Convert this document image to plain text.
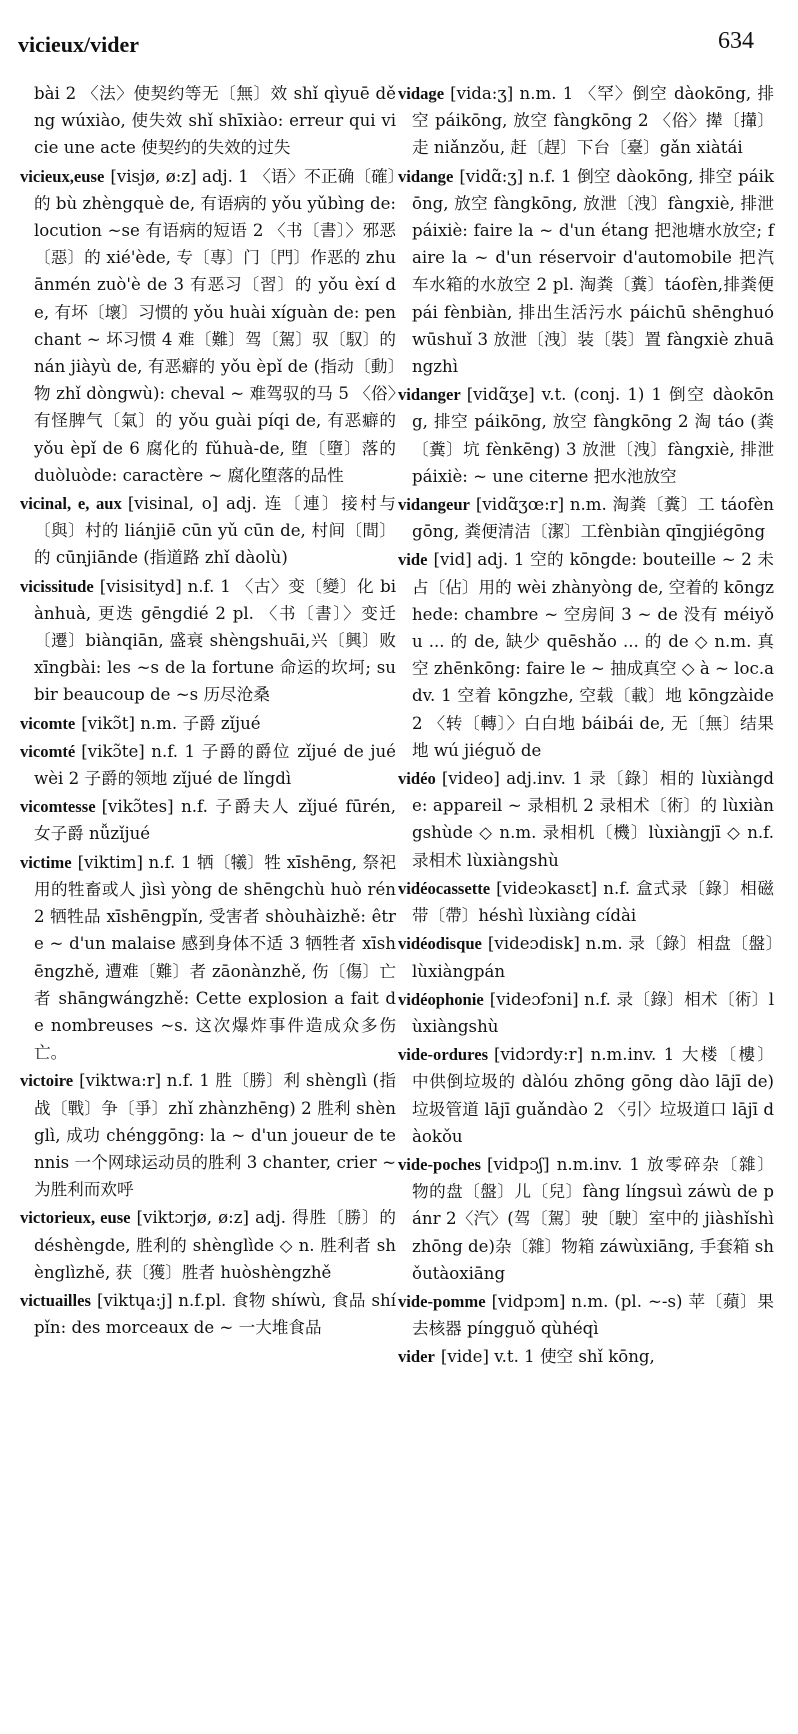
vicieux/vider	634

bài 2 〈法〉使契约等无〔無〕效 shǐ qìyuē děng wúxiào, 使失效 shǐ shīxiào: erreur qui vicie une acte 使契约的失效的过失

vicieux,euse [visjø, ø:z] adj. 1 〈语〉不正确〔確〕的 bù zhèngquè de, 有语病的 yǒu yǔbìng de: locution ~se 有语病的短语 2 〈书〔書〕〉邪恶〔惡〕的 xié'ède, 专〔專〕门〔門〕作恶的 zhuānmén zuò'è de 3 有恶习〔習〕的 yǒu èxí de, 有坏〔壞〕习惯的 yǒu huài xíguàn de: penchant ~ 坏习惯 4 难〔難〕驾〔駕〕驭〔馭〕的 nán jiàyù de, 有恶癖的 yǒu èpǐ de (指动〔動〕物 zhǐ dòngwù): cheval ~ 难驾驭的马 5 〈俗〉有怪脾气〔氣〕的 yǒu guài píqi de, 有恶癖的 yǒu èpǐ de 6 腐化的 fǔhuà-de, 堕〔墮〕落的 duòluòde: caractère ~ 腐化堕落的品性

vicinal, e, aux [visinal, o] adj. 连〔連〕接村与〔與〕村的 liánjiē cūn yǔ cūn de, 村间〔間〕的 cūnjiānde (指道路 zhǐ dàolù)

vicissitude [visisityd] n.f. 1 〈古〉变〔變〕化 biànhuà, 更迭 gēngdié 2 pl. 〈书〔書〕〉变迁〔遷〕biànqiān, 盛衰 shèngshuāi,兴〔興〕败xīngbài: les ~s de la fortune 命运的坎坷; subir beaucoup de ~s 历尽沧桑

vicomte [vikɔ̃t] n.m. 子爵 zǐjué

vicomté [vikɔ̃te] n.f. 1 子爵的爵位 zǐjué de juéwèi 2 子爵的领地 zǐjué de lǐngdì

vicomtesse [vikɔ̃tes] n.f. 子爵夫人 zǐjué fūrén, 女子爵 nǚzǐjué

victime [viktim] n.f. 1 牺〔犧〕牲 xīshēng, 祭祀用的牲畜或人 jìsì yòng de shēngchù huò rén 2 牺牲品 xīshēngpǐn, 受害者 shòuhàizhě: être ~ d'un malaise 感到身体不适 3 牺牲者 xīshēngzhě, 遭难〔難〕者 zāonànzhě, 伤〔傷〕亡者 shāngwángzhě: Cette explosion a fait de nombreuses ~s. 这次爆炸事件造成众多伤亡。

victoire [viktwa:r] n.f. 1 胜〔勝〕利 shènglì (指战〔戰〕争〔爭〕zhǐ zhànzhēng) 2 胜利 shènglì, 成功 chénggōng: la ~ d'un joueur de tennis 一个网球运动员的胜利 3 chanter, crier ~ 为胜利而欢呼

victorieux, euse [viktɔrjø, ø:z] adj. 得胜〔勝〕的 déshèngde, 胜利的 shènglìde ◇ n. 胜利者 shènglìzhě, 获〔獲〕胜者 huòshèngzhě

victuailles [viktɥa:j] n.f.pl. 食物 shíwù, 食品 shípǐn: des morceaux de ~ 一大堆食品

vidage [vida:ʒ] n.m. 1 〈罕〉倒空 dàokōng, 排空 páikōng, 放空 fàngkōng 2 〈俗〉撵〔攆〕走 niǎnzǒu, 赶〔趕〕下台〔臺〕gǎn xiàtái

vidange [vidɑ̃:ʒ] n.f. 1 倒空 dàokōng, 排空 páikōng, 放空 fàngkōng, 放泄〔洩〕fàngxiè, 排泄 páixiè: faire la ~ d'un étang 把池塘水放空; faire la ~ d'un réservoir d'automobile 把汽车水箱的水放空 2 pl. 淘粪〔糞〕táofèn,排粪便 pái fènbiàn, 排出生活污水 páichū shēnghuó wūshuǐ 3 放泄〔洩〕装〔裝〕置 fàngxiè zhuāngzhì

vidanger [vidɑ̃ʒe] v.t. (conj. 1) 1 倒空 dàokōng, 排空 páikōng, 放空 fàngkōng 2 淘 táo (粪〔糞〕坑 fènkēng) 3 放泄〔洩〕fàngxiè, 排泄 páixiè: ~ une citerne 把水池放空

vidangeur [vidɑ̃ʒœ:r] n.m. 淘粪〔糞〕工 táofèngōng, 粪便清洁〔潔〕工fènbiàn qīngjiégōng

vide [vid] adj. 1 空的 kōngde: bouteille ~ 2 未占〔佔〕用的 wèi zhànyòng de, 空着的 kōngzhede: chambre ~ 空房间 3 ~ de 没有 méiyǒu ... 的 de, 缺少 quēshǎo ... 的 de ◇ n.m. 真空 zhēnkōng: faire le ~ 抽成真空 ◇ à ~ loc.adv. 1 空着 kōngzhe, 空载〔載〕地 kōngzàide 2 〈转〔轉〕〉白白地 báibái de, 无〔無〕结果地 wú jiéguǒ de

vidéo [video] adj.inv. 1 录〔錄〕相的 lùxiàngde: appareil ~ 录相机 2 录相术〔術〕的 lùxiàngshùde ◇ n.m. 录相机〔機〕lùxiàngjī ◇ n.f. 录相术 lùxiàngshù

vidéocassette [videɔkasɛt] n.f. 盒式录〔錄〕相磁带〔帶〕héshì lùxiàng cídài

vidéodisque [videɔdisk] n.m. 录〔錄〕相盘〔盤〕lùxiàngpán

vidéophonie [videɔfɔni] n.f. 录〔錄〕相术〔術〕lùxiàngshù

vide-ordures [vidɔrdy:r] n.m.inv. 1 大楼〔樓〕中供倒垃圾的 dàlóu zhōng gōng dào lājī de) 垃圾管道 lājī guǎndào 2 〈引〉垃圾道口 lājī dàokǒu

vide-poches [vidpɔʃ] n.m.inv. 1 放零碎杂〔雜〕物的盘〔盤〕儿〔兒〕fàng língsuì záwù de pánr 2〈汽〉(驾〔駕〕驶〔駛〕室中的 jiàshǐshì zhōng de)杂〔雜〕物箱 záwùxiāng, 手套箱 shǒutàoxiāng

vide-pomme [vidpɔm] n.m. (pl. ~-s) 苹〔蘋〕果去核器 píngguǒ qùhéqì

vider [vide] v.t. 1 使空 shǐ kōng,
